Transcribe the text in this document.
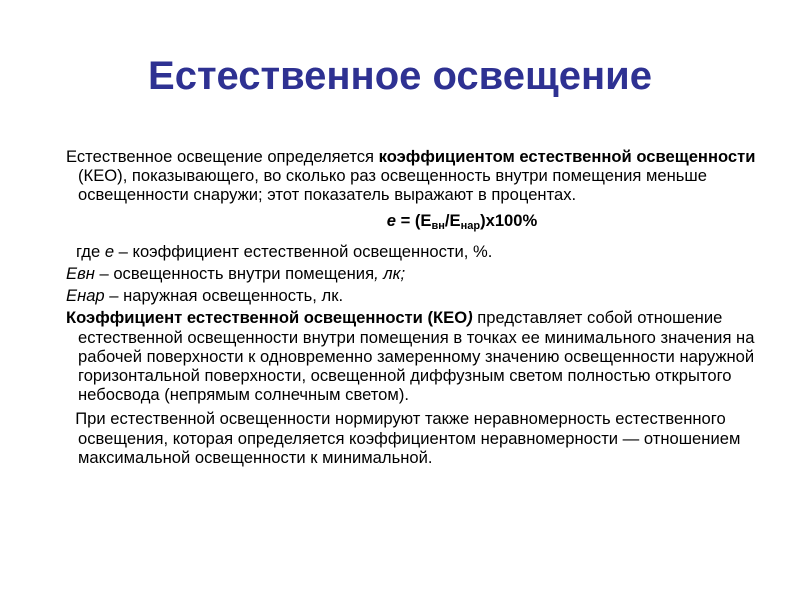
Естественное освещение

Естественное освещение определяется коэффициентом естественной освещенности (КЕО), показывающего, во сколько раз освещенность внутри помещения меньше освещенности снаружи; этот показатель выражают в процентах.

$е = (Е_{вн}/Е_{нар})x100\%$

где е – коэффициент естественной освещенности, %.

Евн – освещенность внутри помещения, лк;

Енар – наружная освещенность, лк.

Коэффициент естественной освещенности (КЕО) представляет собой отношение естественной освещенности внутри помещения в точках ее минимального значения на рабочей поверхности к одновременно замеренному значению освещенности наружной горизонтальной поверхности, освещенной диффузным светом полностью открытого небосвода (непрямым солнечным светом).

При естественной освещенности нормируют также неравномерность естественного освещения, которая определяется коэффициентом неравномерности — отношением максимальной освещенности к минимальной.
